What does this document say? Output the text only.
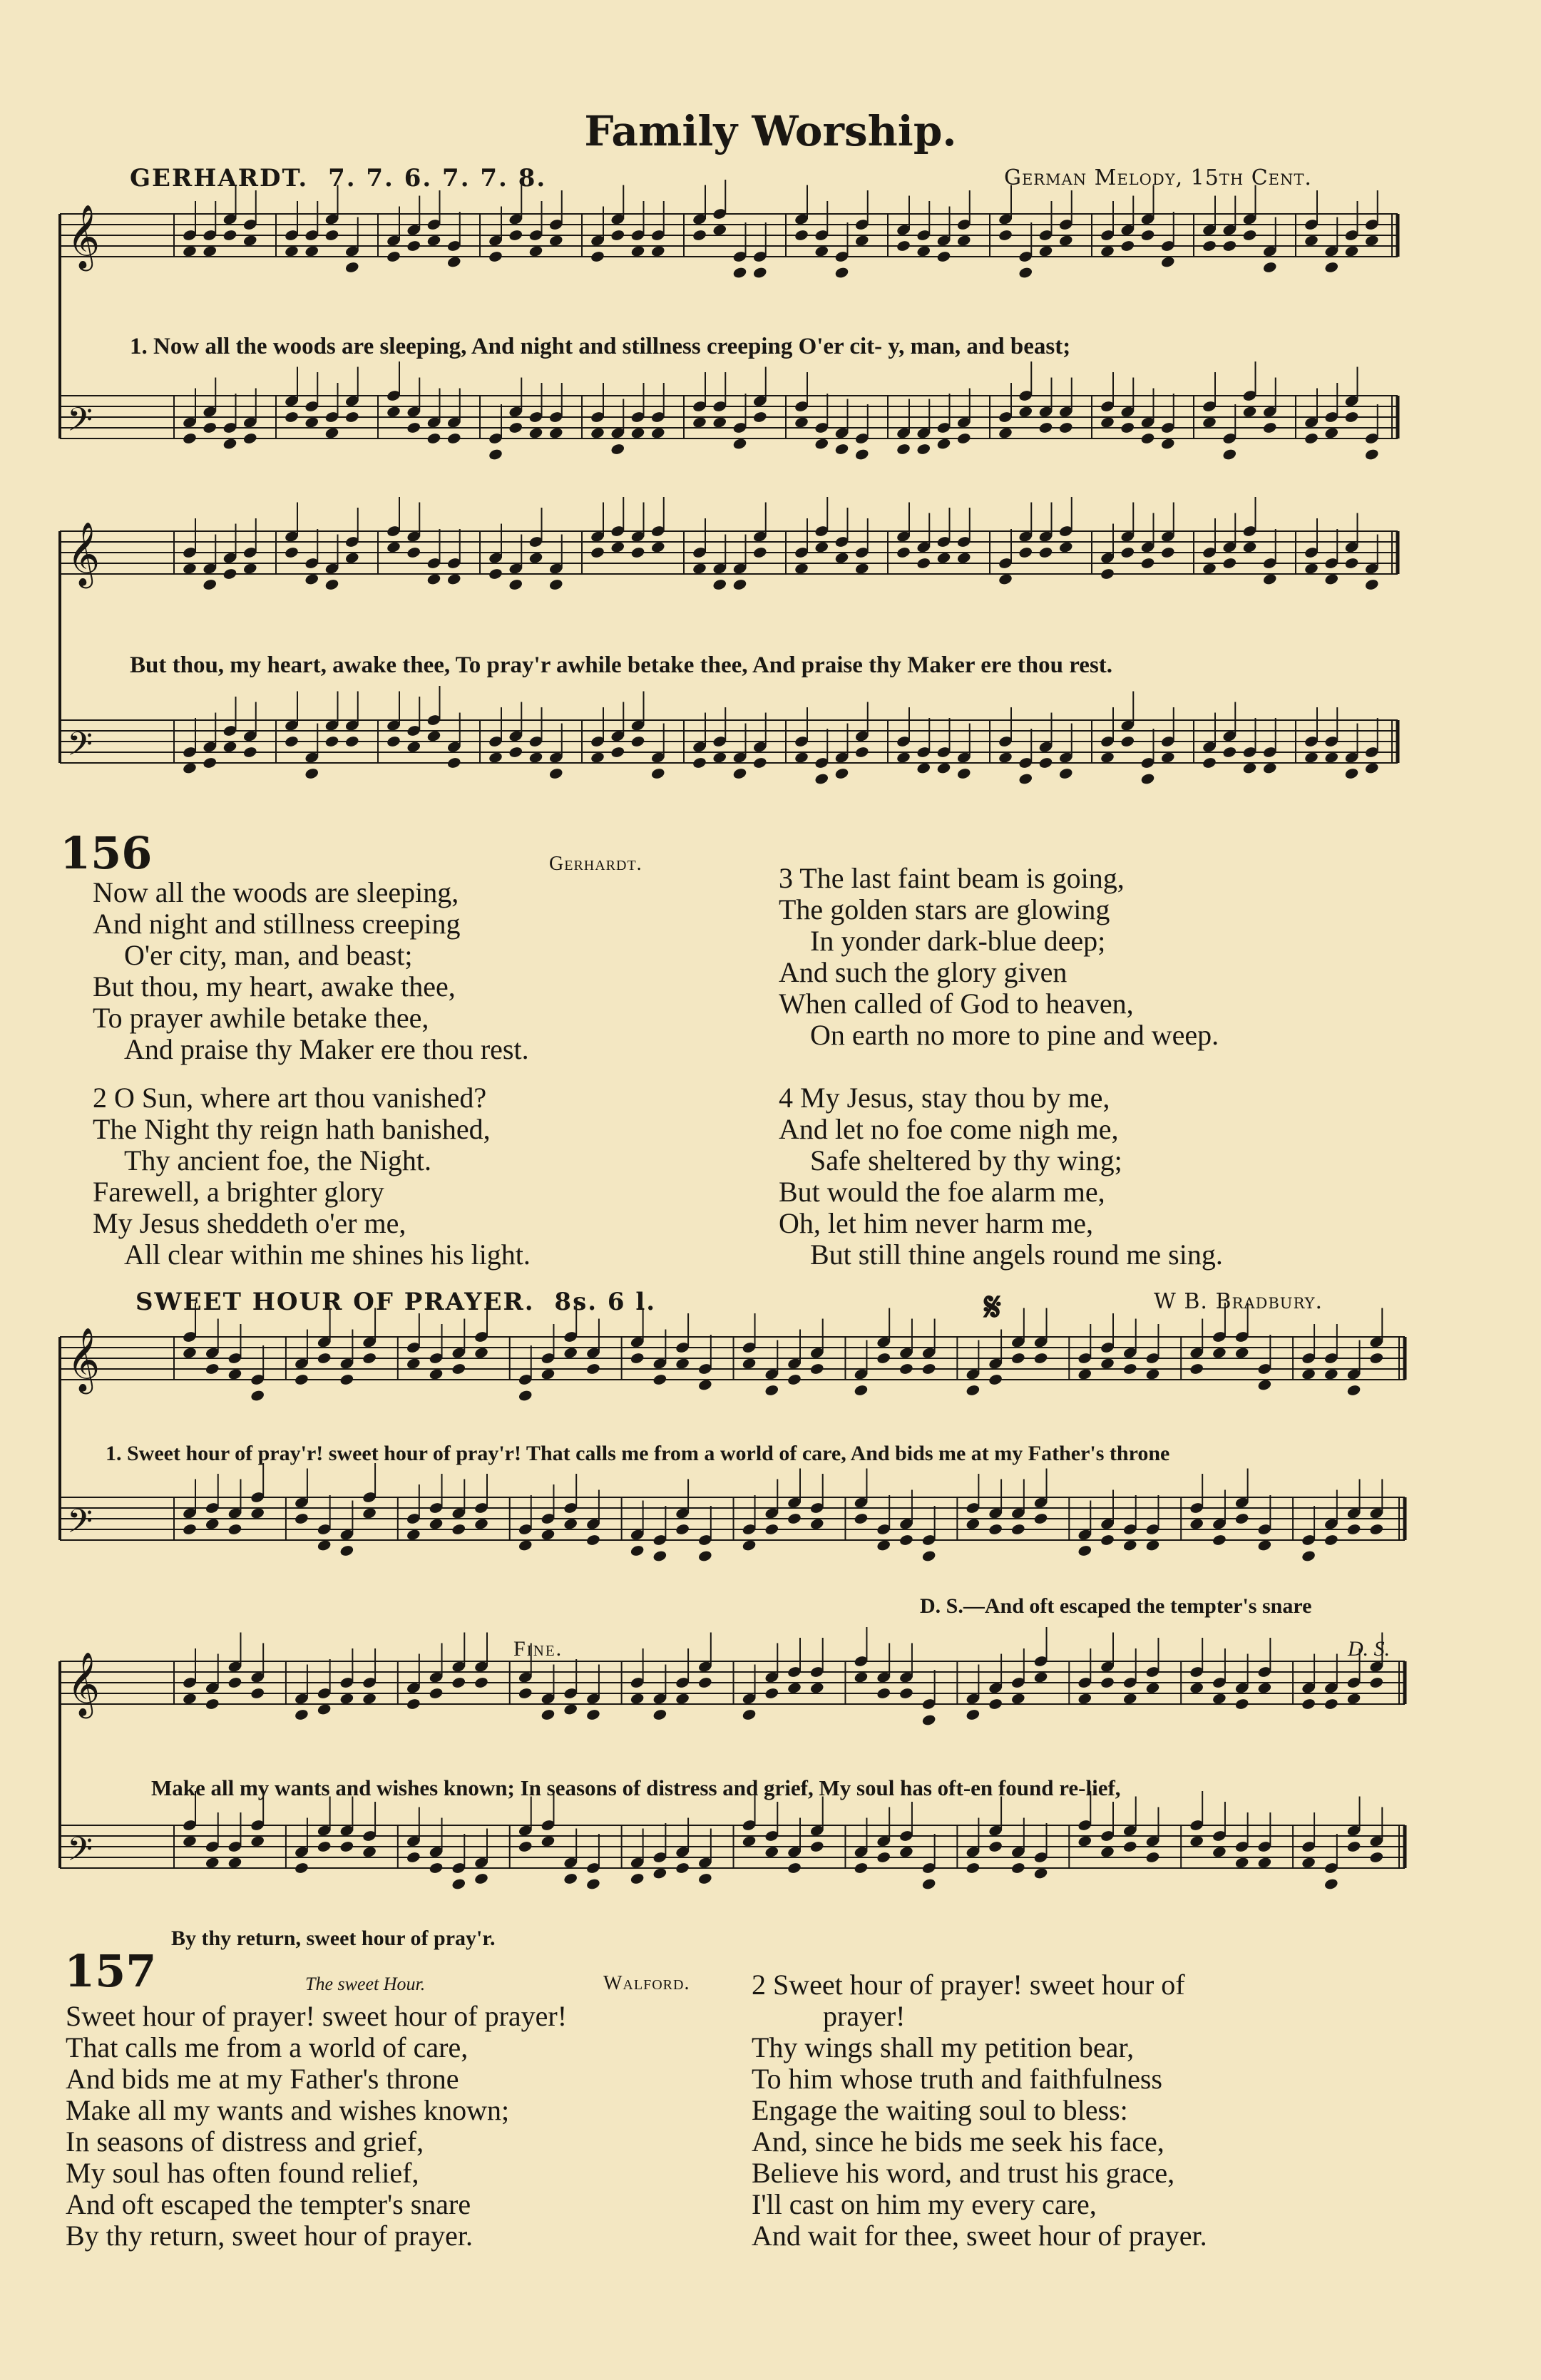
Family Worship.
GERHARDT. 7. 7. 6. 7. 7. 8.	German Melody, 15th Cent.
𝄞
𝄢
𝄞
𝄢
𝄞
𝄢
𝄞
𝄢
1. Now all the woods are sleeping, And night and stillness creeping O'er cit- y, man, and beast;
But thou, my heart, awake thee, To pray'r awhile betake thee, And praise thy Maker ere thou rest.
156	Gerhardt.
Now all the woods are sleeping,
And night and stillness creeping
O'er city, man, and beast;
But thou, my heart, awake thee,
To prayer awhile betake thee,
And praise thy Maker ere thou rest.
2 O Sun, where art thou vanished?
The Night thy reign hath banished,
Thy ancient foe, the Night.
Farewell, a brighter glory
My Jesus sheddeth o'er me,
All clear within me shines his light.
3 The last faint beam is going,
The golden stars are glowing
In yonder dark-blue deep;
And such the glory given
When called of God to heaven,
On earth no more to pine and weep.
4 My Jesus, stay thou by me,
And let no foe come nigh me,
Safe sheltered by thy wing;
But would the foe alarm me,
Oh, let him never harm me,
But still thine angels round me sing.
SWEET HOUR OF PRAYER. 8s. 6 l.	𝄋	W B. Bradbury.
1. Sweet hour of pray'r! sweet hour of pray'r! That calls me from a world of care, And bids me at my Father's throne
D. S.—And oft escaped the tempter's snare
Fine.	D. S.
Make all my wants and wishes known; In seasons of distress and grief, My soul has oft-en found re-lief,
By thy return, sweet hour of pray'r.
157	The sweet Hour.	Walford.
Sweet hour of prayer! sweet hour of prayer!
That calls me from a world of care,
And bids me at my Father's throne
Make all my wants and wishes known;
In seasons of distress and grief,
My soul has often found relief,
And oft escaped the tempter's snare
By thy return, sweet hour of prayer.
2 Sweet hour of prayer! sweet hour of
prayer!
Thy wings shall my petition bear,
To him whose truth and faithfulness
Engage the waiting soul to bless:
And, since he bids me seek his face,
Believe his word, and trust his grace,
I'll cast on him my every care,
And wait for thee, sweet hour of prayer.
